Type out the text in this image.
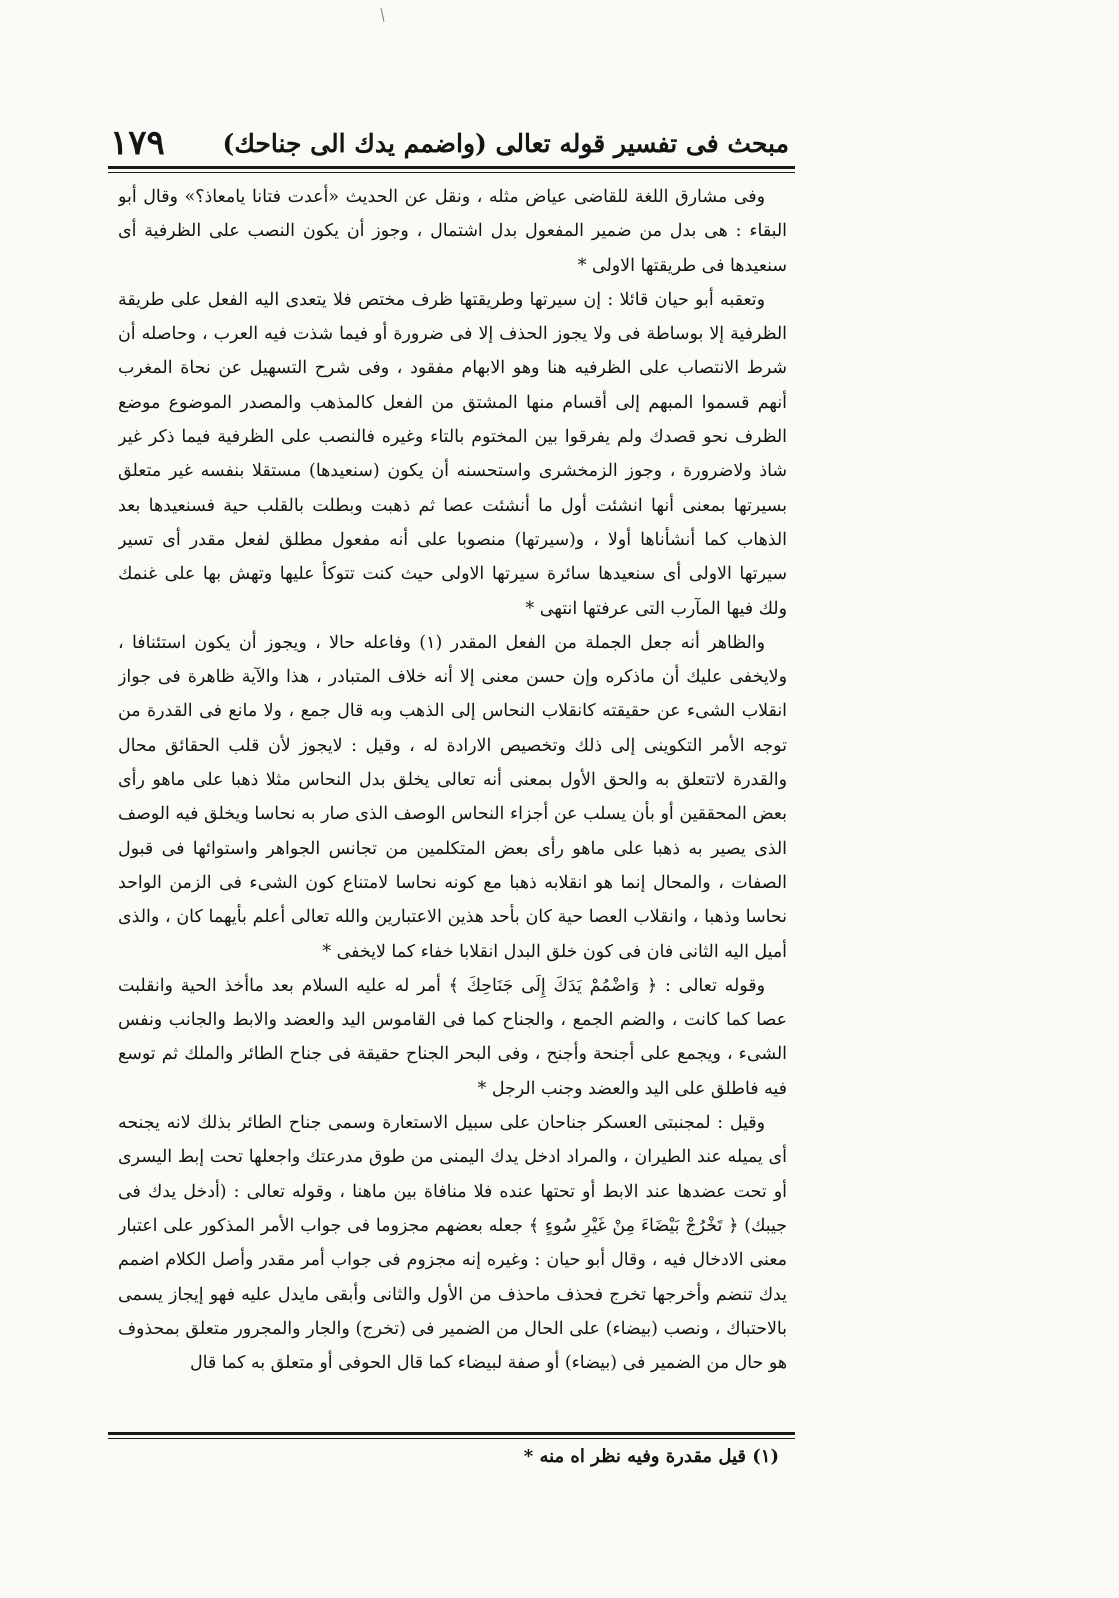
مبحث فى تفسير قوله تعالى (واضمم يدك الى جناحك)
١٧٩

وفى مشارق اللغة للقاضى عياض مثله ، ونقل عن الحديث «أعدت فتانا يامعاذ؟» وقال أبو البقاء : هى بدل من ضمير المفعول بدل اشتمال ، وجوز أن يكون النصب على الظرفية أى سنعيدها فى طريقتها الاولى *

وتعقبه أبو حيان قائلا : إن سيرتها وطريقتها ظرف مختص فلا يتعدى اليه الفعل على طريقة الظرفية إلا بوساطة فى ولا يجوز الحذف إلا فى ضرورة أو فيما شذت فيه العرب ، وحاصله أن شرط الانتصاب على الظرفيه هنا وهو الابهام مفقود ، وفى شرح التسهيل عن نحاة المغرب أنهم قسموا المبهم إلى أقسام منها المشتق من الفعل كالمذهب والمصدر الموضوع موضع الظرف نحو قصدك ولم يفرقوا بين المختوم بالتاء وغيره فالنصب على الظرفية فيما ذكر غير شاذ ولاضرورة ، وجوز الزمخشرى واستحسنه أن يكون (سنعيدها) مستقلا بنفسه غير متعلق بسيرتها بمعنى أنها انشئت أول ما أنشئت عصا ثم ذهبت وبطلت بالقلب حية فسنعيدها بعد الذهاب كما أنشأناها أولا ، و(سيرتها) منصوبا على أنه مفعول مطلق لفعل مقدر أى تسير سيرتها الاولى أى سنعيدها سائرة سيرتها الاولى حيث كنت تتوكأ عليها وتهش بها على غنمك ولك فيها المآرب التى عرفتها انتهى *

والظاهر أنه جعل الجملة من الفعل المقدر (١) وفاعله حالا ، ويجوز أن يكون استئنافا ، ولايخفى عليك أن ماذكره وإن حسن معنى إلا أنه خلاف المتبادر ، هذا والآية ظاهرة فى جواز انقلاب الشىء عن حقيقته كانقلاب النحاس إلى الذهب وبه قال جمع ، ولا مانع فى القدرة من توجه الأمر التكوينى إلى ذلك وتخصيص الارادة له ، وقيل : لايجوز لأن قلب الحقائق محال والقدرة لاتتعلق به والحق الأول بمعنى أنه تعالى يخلق بدل النحاس مثلا ذهبا على ماهو رأى بعض المحققين أو بأن يسلب عن أجزاء النحاس الوصف الذى صار به نحاسا ويخلق فيه الوصف الذى يصير به ذهبا على ماهو رأى بعض المتكلمين من تجانس الجواهر واستوائها فى قبول الصفات ، والمحال إنما هو انقلابه ذهبا مع كونه نحاسا لامتناع كون الشىء فى الزمن الواحد نحاسا وذهبا ، وانقلاب العصا حية كان بأحد هذين الاعتبارين والله تعالى أعلم بأيهما كان ، والذى أميل اليه الثانى فان فى كون خلق البدل انقلابا خفاء كما لايخفى *

وقوله تعالى : ﴿ وَاضْمُمْ يَدَكَ إِلَى جَنَاحِكَ ﴾ أمر له عليه السلام بعد ماأخذ الحية وانقلبت عصا كما كانت ، والضم الجمع ، والجناح كما فى القاموس اليد والعضد والابط والجانب ونفس الشىء ، ويجمع على أجنحة وأجنح ، وفى البحر الجناح حقيقة فى جناح الطائر والملك ثم توسع فيه فاطلق على اليد والعضد وجنب الرجل *

وقيل : لمجنبتى العسكر جناحان على سبيل الاستعارة وسمى جناح الطائر بذلك لانه يجنحه أى يميله عند الطيران ، والمراد ادخل يدك اليمنى من طوق مدرعتك واجعلها تحت إبط اليسرى أو تحت عضدها عند الابط أو تحتها عنده فلا منافاة بين ماهنا ، وقوله تعالى : (أدخل يدك فى جيبك) ﴿ تَخْرُجْ بَيْضَاءَ مِنْ غَيْرِ سُوءٍ ﴾ جعله بعضهم مجزوما فى جواب الأمر المذكور على اعتبار معنى الادخال فيه ، وقال أبو حيان : وغيره إنه مجزوم فى جواب أمر مقدر وأصل الكلام اضمم يدك تنضم وأخرجها تخرج فحذف ماحذف من الأول والثانى وأبقى مايدل عليه فهو إيجاز يسمى بالاحتباك ، ونصب (بيضاء) على الحال من الضمير فى (تخرج) والجار والمجرور متعلق بمحذوف هو حال من الضمير فى (بيضاء) أو صفة لبيضاء كما قال الحوفى أو متعلق به كما قال

(١) قيل مقدرة وفيه نظر اه منه *
